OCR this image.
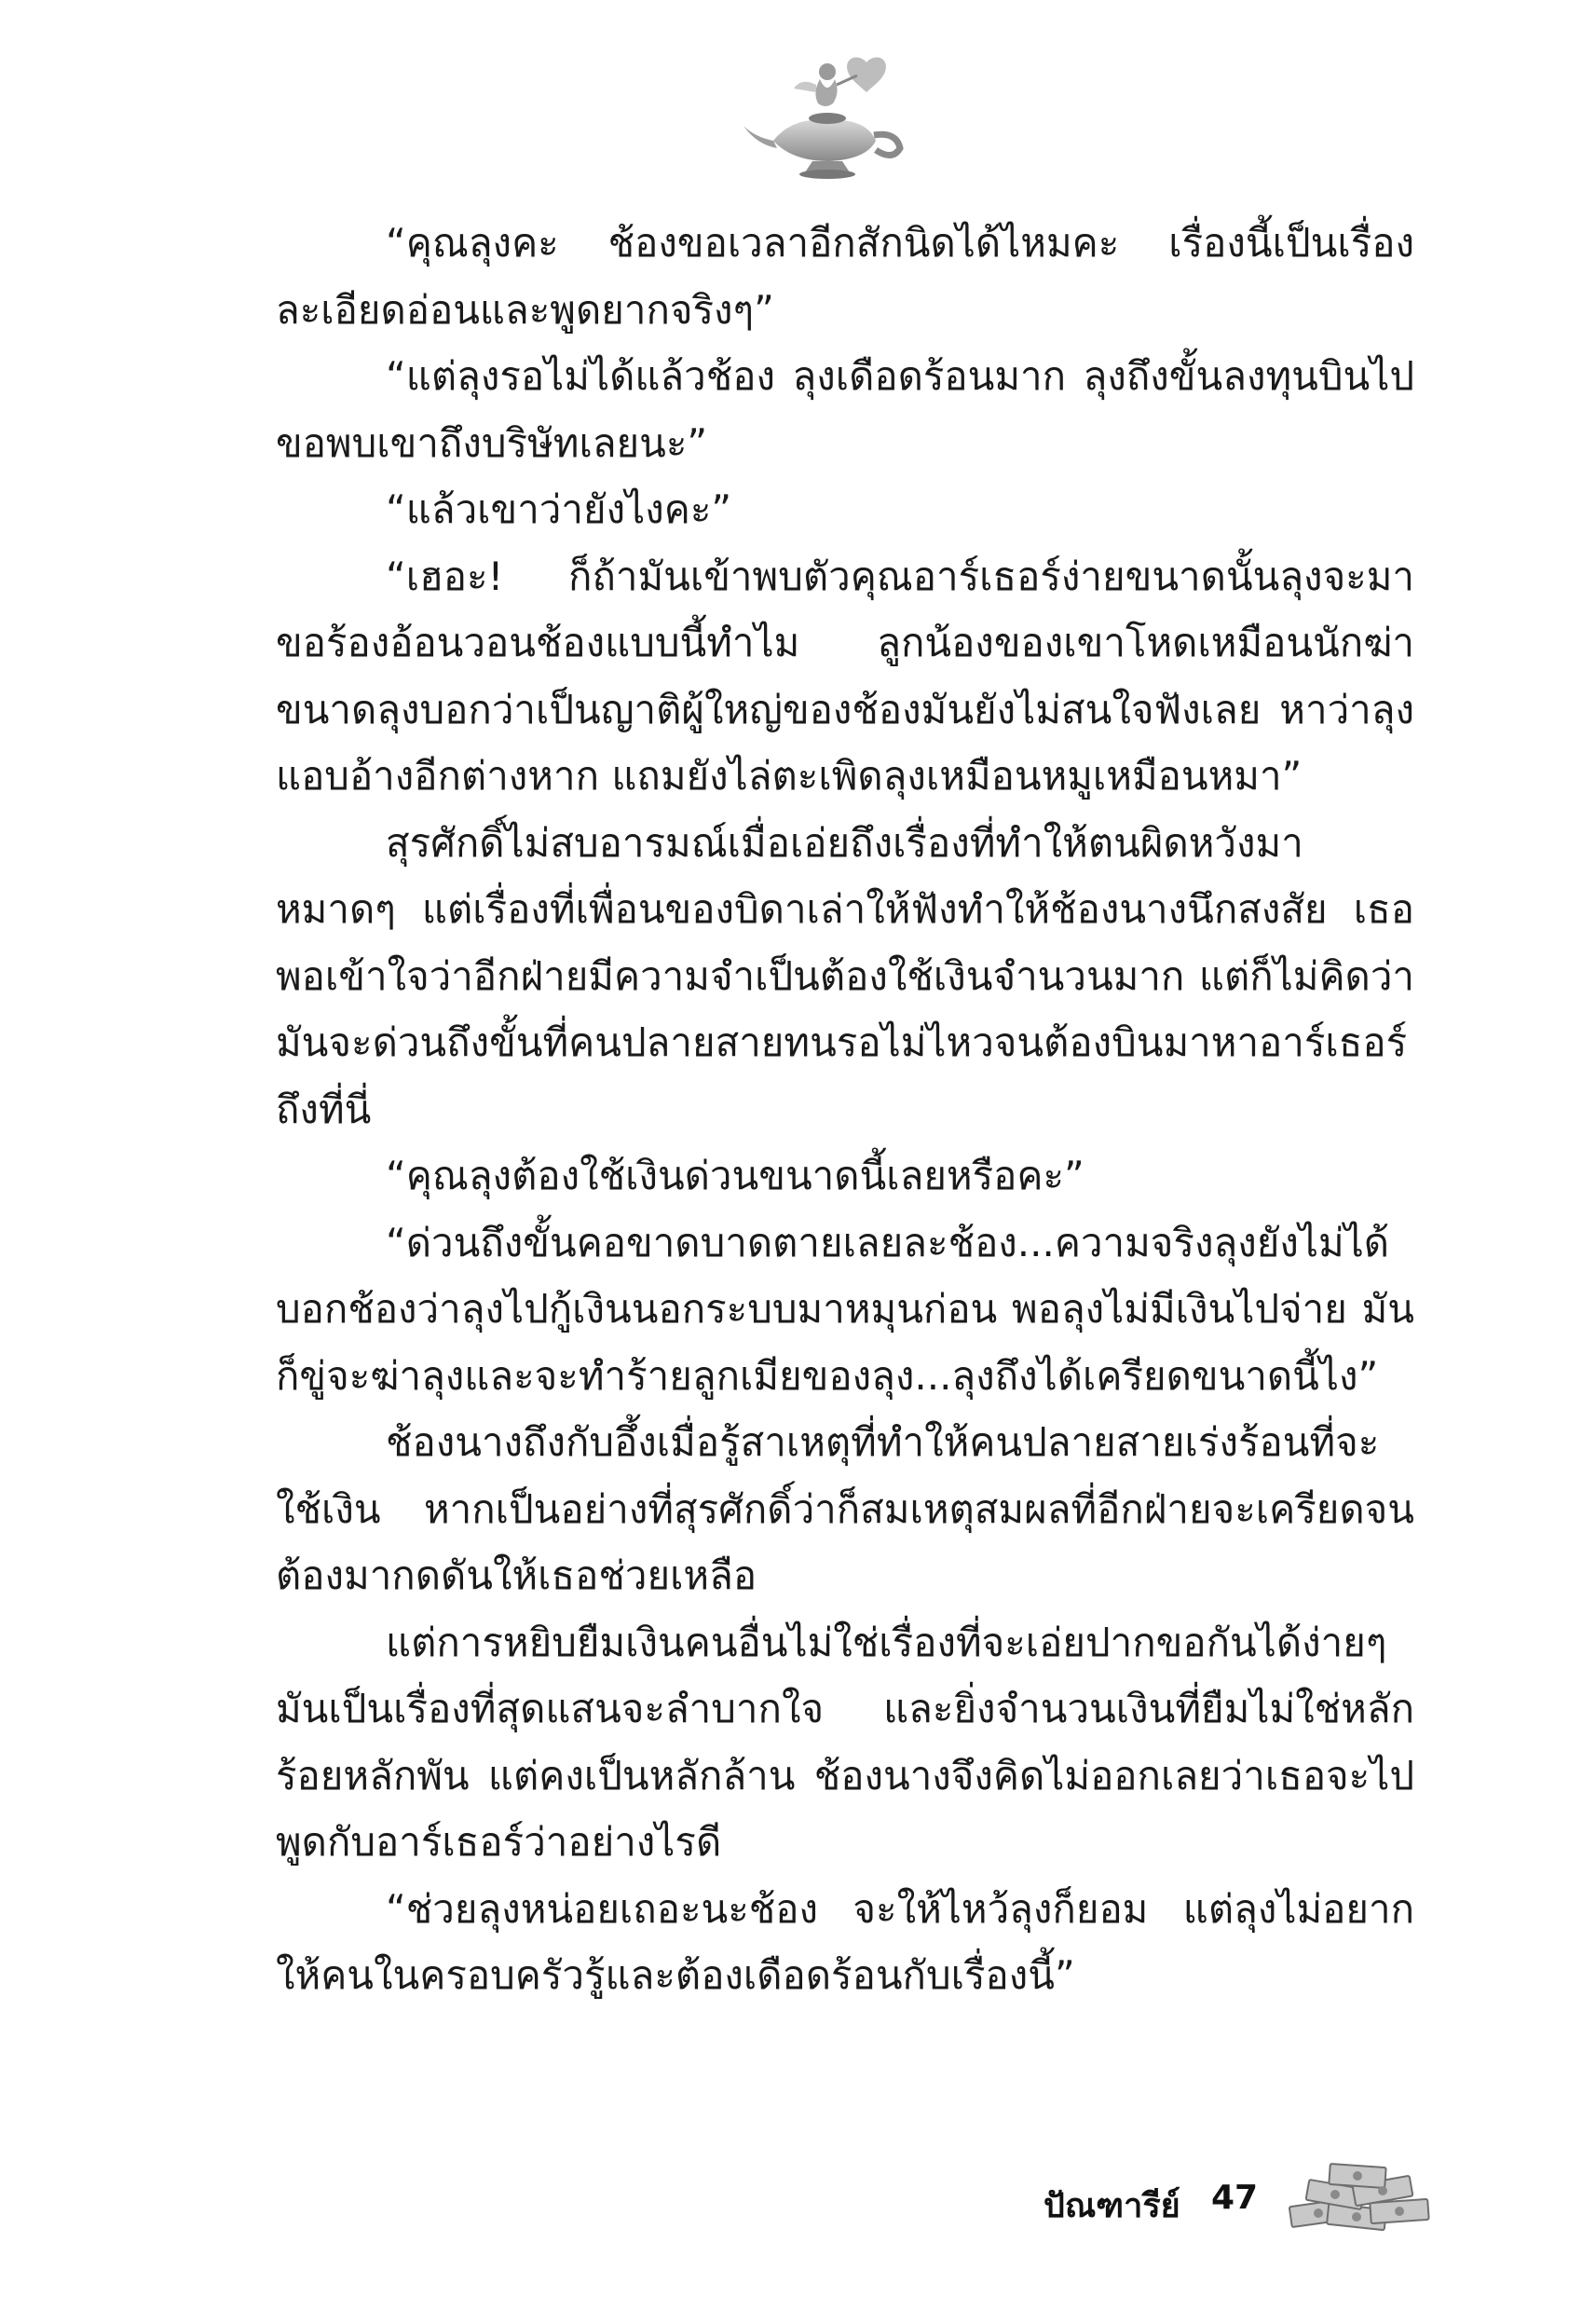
“คุณลุงคะ ช้องขอเวลาอีกสักนิดได้ไหมคะ เรื่องนี้เป็นเรื่องละเอียดอ่อนและพูดยากจริงๆ”

“แต่ลุงรอไม่ได้แล้วช้อง ลุงเดือดร้อนมาก ลุงถึงขั้นลงทุนบินไปขอพบเขาถึงบริษัทเลยนะ”

“แล้วเขาว่ายังไงคะ”

“เฮอะ! ก็ถ้ามันเข้าพบตัวคุณอาร์เธอร์ง่ายขนาดนั้นลุงจะมาขอร้องอ้อนวอนช้องแบบนี้ทำไม ลูกน้องของเขาโหดเหมือนนักฆ่า ขนาดลุงบอกว่าเป็นญาติผู้ใหญ่ของช้องมันยังไม่สนใจฟังเลย หาว่าลุงแอบอ้างอีกต่างหาก แถมยังไล่ตะเพิดลุงเหมือนหมูเหมือนหมา”

สุรศักดิ์ไม่สบอารมณ์เมื่อเอ่ยถึงเรื่องที่ทำให้ตนผิดหวังมาหมาดๆ แต่เรื่องที่เพื่อนของบิดาเล่าให้ฟังทำให้ช้องนางนึกสงสัย เธอพอเข้าใจว่าอีกฝ่ายมีความจำเป็นต้องใช้เงินจำนวนมาก แต่ก็ไม่คิดว่ามันจะด่วนถึงขั้นที่คนปลายสายทนรอไม่ไหวจนต้องบินมาหาอาร์เธอร์ถึงที่นี่

“คุณลุงต้องใช้เงินด่วนขนาดนี้เลยหรือคะ”

“ด่วนถึงขั้นคอขาดบาดตายเลยละช้อง...ความจริงลุงยังไม่ได้บอกช้องว่าลุงไปกู้เงินนอกระบบมาหมุนก่อน พอลุงไม่มีเงินไปจ่าย มันก็ขู่จะฆ่าลุงและจะทำร้ายลูกเมียของลุง...ลุงถึงได้เครียดขนาดนี้ไง”

ช้องนางถึงกับอึ้งเมื่อรู้สาเหตุที่ทำให้คนปลายสายเร่งร้อนที่จะใช้เงิน หากเป็นอย่างที่สุรศักดิ์ว่าก็สมเหตุสมผลที่อีกฝ่ายจะเครียดจนต้องมากดดันให้เธอช่วยเหลือ

แต่การหยิบยืมเงินคนอื่นไม่ใช่เรื่องที่จะเอ่ยปากขอกันได้ง่ายๆ มันเป็นเรื่องที่สุดแสนจะลำบากใจ และยิ่งจำนวนเงินที่ยืมไม่ใช่หลักร้อยหลักพัน แต่คงเป็นหลักล้าน ช้องนางจึงคิดไม่ออกเลยว่าเธอจะไปพูดกับอาร์เธอร์ว่าอย่างไรดี

“ช่วยลุงหน่อยเถอะนะช้อง จะให้ไหว้ลุงก็ยอม แต่ลุงไม่อยากให้คนในครอบครัวรู้และต้องเดือดร้อนกับเรื่องนี้”

ปัณฑารีย์ 47
